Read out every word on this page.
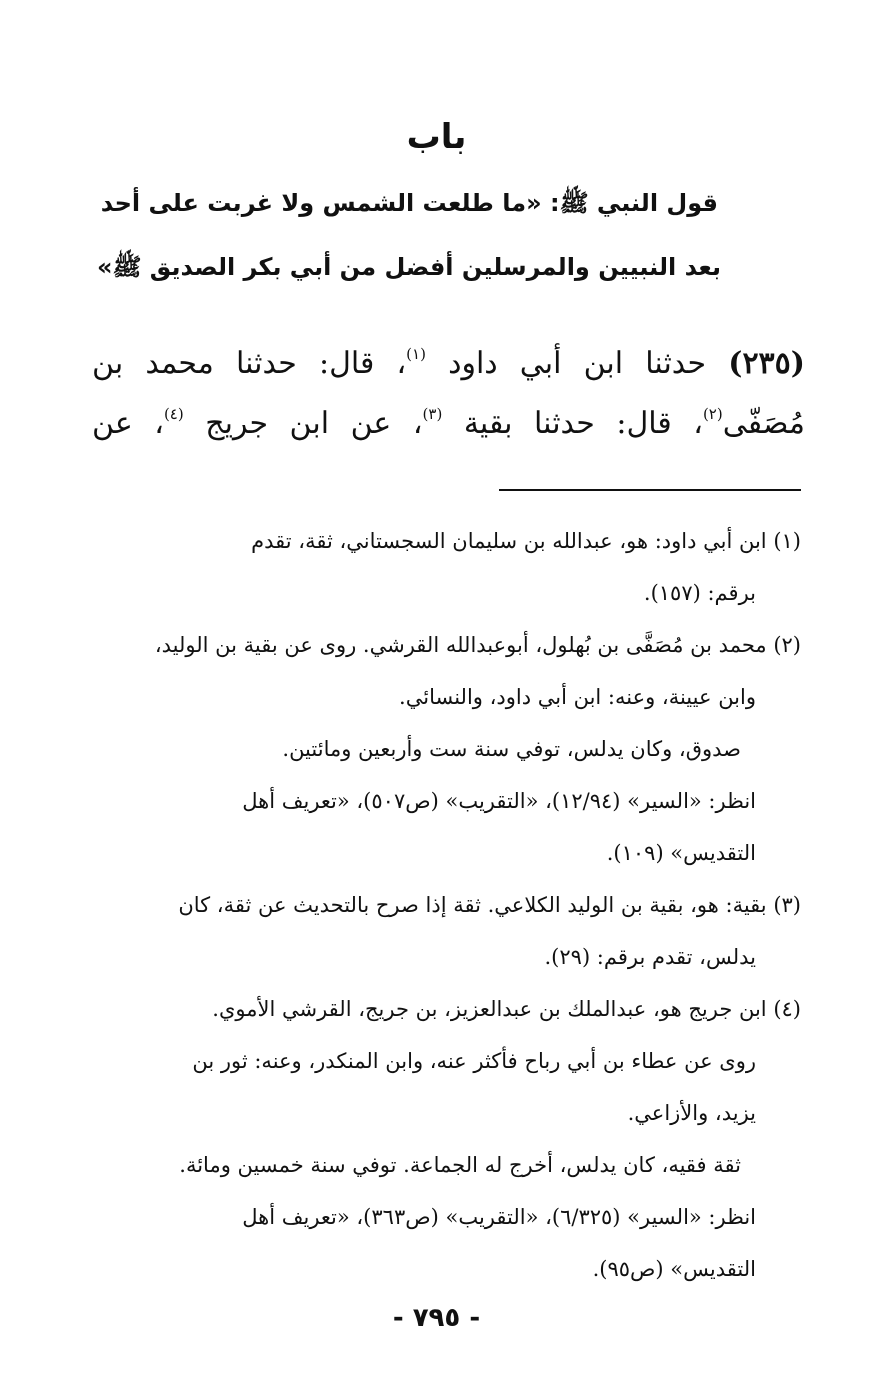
باب
قول النبي ﷺ: «ما طلعت الشمس ولا غربت على أحد
بعد النبيين والمرسلين أفضل من أبي بكر الصديق ﷺ»
(٢٣٥) حدثنا ابن أبي داود $^{(١)}$، قال: حدثنا محمد بن
مُصَفّى$^{(٢)}$، قال: حدثنا بقية $^{(٣)}$، عن ابن جريج $^{(٤)}$، عن
(١) ابن أبي داود: هو، عبدالله بن سليمان السجستاني، ثقة، تقدم
برقم: (١٥٧).
(٢) محمد بن مُصَفَّى بن بُهلول، أبوعبدالله القرشي. روى عن بقية بن الوليد،
وابن عيينة، وعنه: ابن أبي داود، والنسائي.
صدوق، وكان يدلس، توفي سنة ست وأربعين ومائتين.
انظر: «السير» (١٢/٩٤)، «التقريب» (ص٥٠٧)، «تعريف أهل
التقديس» (١٠٩).
(٣) بقية: هو، بقية بن الوليد الكلاعي. ثقة إذا صرح بالتحديث عن ثقة، كان
يدلس، تقدم برقم: (٢٩).
(٤) ابن جريج هو، عبدالملك بن عبدالعزيز، بن جريج، القرشي الأموي.
روى عن عطاء بن أبي رباح فأكثر عنه، وابن المنكدر، وعنه: ثور بن
يزيد، والأزاعي.
ثقة فقيه، كان يدلس، أخرج له الجماعة. توفي سنة خمسين ومائة.
انظر: «السير» (٦/٣٢٥)، «التقريب» (ص٣٦٣)، «تعريف أهل
التقديس» (ص٩٥).
- ٧٩٥ -
